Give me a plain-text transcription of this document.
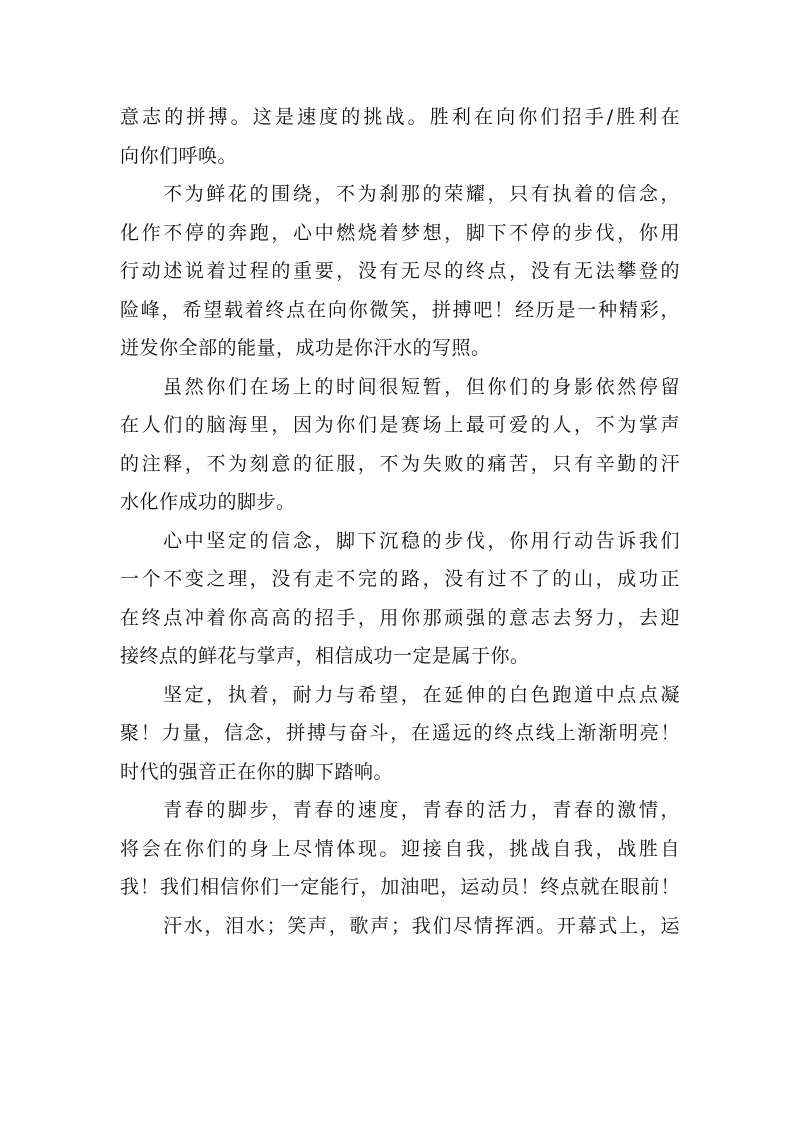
意志的拼搏。这是速度的挑战。胜利在向你们招手/胜利在
向你们呼唤。
不为鲜花的围绕，不为刹那的荣耀，只有执着的信念，
化作不停的奔跑，心中燃烧着梦想，脚下不停的步伐，你用
行动述说着过程的重要，没有无尽的终点，没有无法攀登的
险峰，希望载着终点在向你微笑，拼搏吧！经历是一种精彩，
迸发你全部的能量，成功是你汗水的写照。
虽然你们在场上的时间很短暂，但你们的身影依然停留
在人们的脑海里，因为你们是赛场上最可爱的人，不为掌声
的注释，不为刻意的征服，不为失败的痛苦，只有辛勤的汗
水化作成功的脚步。
心中坚定的信念，脚下沉稳的步伐，你用行动告诉我们
一个不变之理，没有走不完的路，没有过不了的山，成功正
在终点冲着你高高的招手，用你那顽强的意志去努力，去迎
接终点的鲜花与掌声，相信成功一定是属于你。
坚定，执着，耐力与希望，在延伸的白色跑道中点点凝
聚！力量，信念，拼搏与奋斗，在遥远的终点线上渐渐明亮！
时代的强音正在你的脚下踏响。
青春的脚步，青春的速度，青春的活力，青春的激情，
将会在你们的身上尽情体现。迎接自我，挑战自我，战胜自
我！我们相信你们一定能行，加油吧，运动员！终点就在眼前！
汗水，泪水；笑声，歌声；我们尽情挥洒。开幕式上，运
